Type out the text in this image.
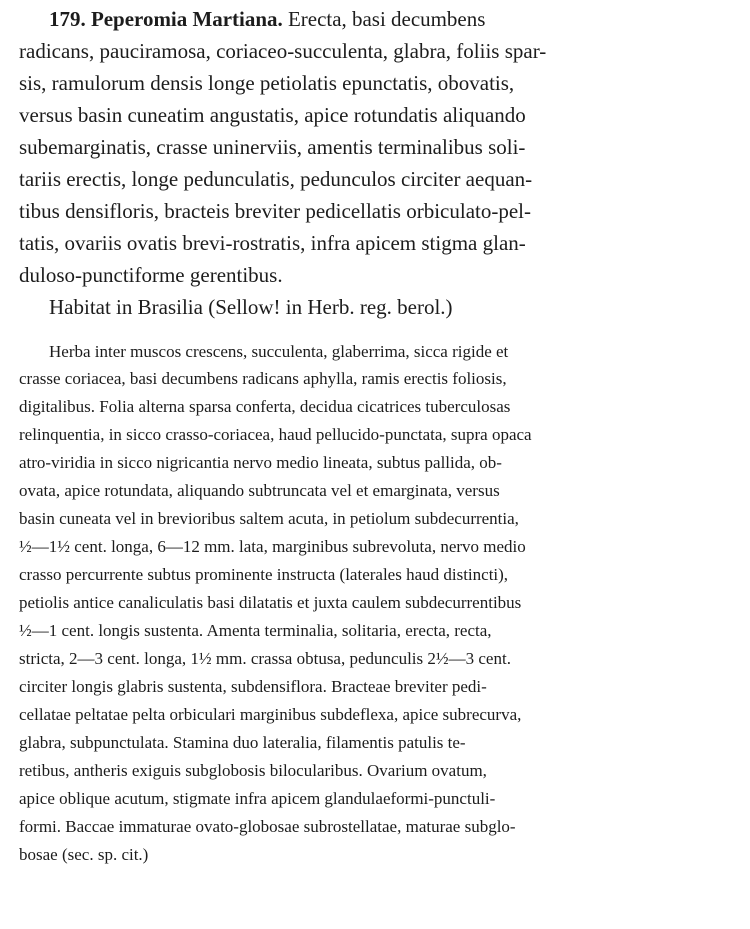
179. Peperomia Martiana. Erecta, basi decumbens
radicans, pauciramosa, coriaceo-succulenta, glabra, foliis spar-
sis, ramulorum densis longe petiolatis epunctatis, obovatis,
versus basin cuneatim angustatis, apice rotundatis aliquando
subemarginatis, crasse uninerviis, amentis terminalibus soli-
tariis erectis, longe pedunculatis, pedunculos circiter aequan-
tibus densifloris, bracteis breviter pedicellatis orbiculato-pel-
tatis, ovariis ovatis brevi-rostratis, infra apicem stigma glan-
duloso-punctiforme gerentibus.
Habitat in Brasilia (Sellow! in Herb. reg. berol.)
Herba inter muscos crescens, succulenta, glaberrima, sicca rigide et
crasse coriacea, basi decumbens radicans aphylla, ramis erectis foliosis,
digitalibus. Folia alterna sparsa conferta, decidua cicatrices tuberculosas
relinquentia, in sicco crasso-coriacea, haud pellucido-punctata, supra opaca
atro-viridia in sicco nigricantia nervo medio lineata, subtus pallida, ob-
ovata, apice rotundata, aliquando subtruncata vel et emarginata, versus
basin cuneata vel in brevioribus saltem acuta, in petiolum subdecurrentia,
½—1½ cent. longa, 6—12 mm. lata, marginibus subrevoluta, nervo medio
crasso percurrente subtus prominente instructa (laterales haud distincti),
petiolis antice canaliculatis basi dilatatis et juxta caulem subdecurrentibus
½—1 cent. longis sustenta. Amenta terminalia, solitaria, erecta, recta,
stricta, 2—3 cent. longa, 1½ mm. crassa obtusa, pedunculis 2½—3 cent.
circiter longis glabris sustenta, subdensiflora. Bracteae breviter pedi-
cellatae peltatae pelta orbiculari marginibus subdeflexa, apice subrecurva,
glabra, subpunctulata. Stamina duo lateralia, filamentis patulis te-
retibus, antheris exiguis subglobosis bilocularibus. Ovarium ovatum,
apice oblique acutum, stigmate infra apicem glandulaeformi-punctuli-
formi. Baccae immaturae ovato-globosae subrostellatae, maturae subglo-
bosae (sec. sp. cit.)
